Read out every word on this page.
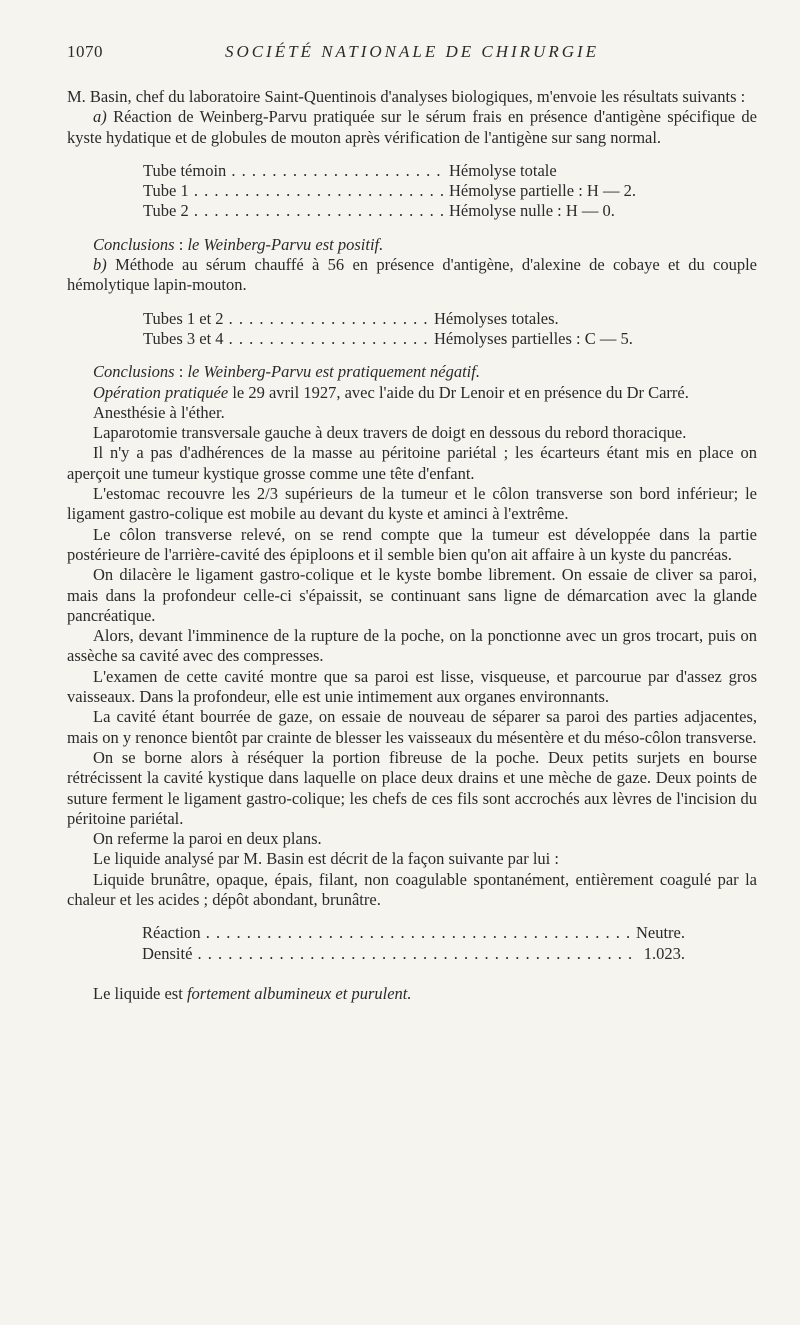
1070	SOCIÉTÉ NATIONALE DE CHIRURGIE

M. Basin, chef du laboratoire Saint-Quentinois d'analyses biologiques, m'envoie les résultats suivants :

a) Réaction de Weinberg-Parvu pratiquée sur le sérum frais en présence d'antigène spécifique de kyste hydatique et de globules de mouton après vérification de l'antigène sur sang normal.

Tube témoin . . .	Hémolyse totale
Tube 1 . . .	Hémolyse partielle : H — 2.
Tube 2 . . .	Hémolyse nulle : H — 0.

Conclusions : le Weinberg-Parvu est positif.

b) Méthode au sérum chauffé à 56 en présence d'antigène, d'alexine de cobaye et du couple hémolytique lapin-mouton.

Tubes 1 et 2 . . .	Hémolyses totales.
Tubes 3 et 4 . . .	Hémolyses partielles : C — 5.

Conclusions : le Weinberg-Parvu est pratiquement négatif.

Opération pratiquée le 29 avril 1927, avec l'aide du Dr Lenoir et en présence du Dr Carré.

Anesthésie à l'éther.

Laparotomie transversale gauche à deux travers de doigt en dessous du rebord thoracique.

Il n'y a pas d'adhérences de la masse au péritoine pariétal ; les écarteurs étant mis en place on aperçoit une tumeur kystique grosse comme une tête d'enfant.

L'estomac recouvre les 2/3 supérieurs de la tumeur et le côlon transverse son bord inférieur; le ligament gastro-colique est mobile au devant du kyste et aminci à l'extrême.

Le côlon transverse relevé, on se rend compte que la tumeur est développée dans la partie postérieure de l'arrière-cavité des épiploons et il semble bien qu'on ait affaire à un kyste du pancréas.

On dilacère le ligament gastro-colique et le kyste bombe librement. On essaie de cliver sa paroi, mais dans la profondeur celle-ci s'épaissit, se continuant sans ligne de démarcation avec la glande pancréatique.

Alors, devant l'imminence de la rupture de la poche, on la ponctionne avec un gros trocart, puis on assèche sa cavité avec des compresses.

L'examen de cette cavité montre que sa paroi est lisse, visqueuse, et parcourue par d'assez gros vaisseaux. Dans la profondeur, elle est unie intimement aux organes environnants.

La cavité étant bourrée de gaze, on essaie de nouveau de séparer sa paroi des parties adjacentes, mais on y renonce bientôt par crainte de blesser les vaisseaux du mésentère et du méso-côlon transverse.

On se borne alors à réséquer la portion fibreuse de la poche. Deux petits surjets en bourse rétrécissent la cavité kystique dans laquelle on place deux drains et une mèche de gaze. Deux points de suture ferment le ligament gastro-colique; les chefs de ces fils sont accrochés aux lèvres de l'incision du péritoine pariétal.

On referme la paroi en deux plans.

Le liquide analysé par M. Basin est décrit de la façon suivante par lui :

Liquide brunâtre, opaque, épais, filant, non coagulable spontanément, entièrement coagulé par la chaleur et les acides ; dépôt abondant, brunâtre.

Réaction . . .	Neutre.
Densité . . .	1.023.

Le liquide est fortement albumineux et purulent.
